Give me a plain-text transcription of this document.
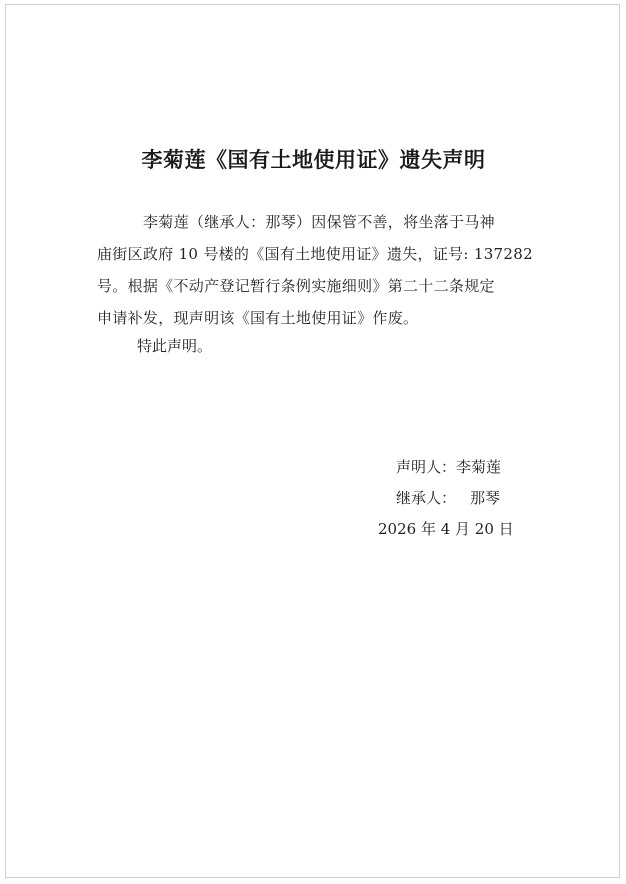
李菊莲《国有土地使用证》遗失声明
李菊莲（继承人：那琴）因保管不善，将坐落于马神
庙街区政府 10 号楼的《国有土地使用证》遗失，证号: 137282
号。根据《不动产登记暂行条例实施细则》第二十二条规定
申请补发，现声明该《国有土地使用证》作废。
特此声明。
声明人：李菊莲
继承人： 那琴
2026 年 4 月 20 日
